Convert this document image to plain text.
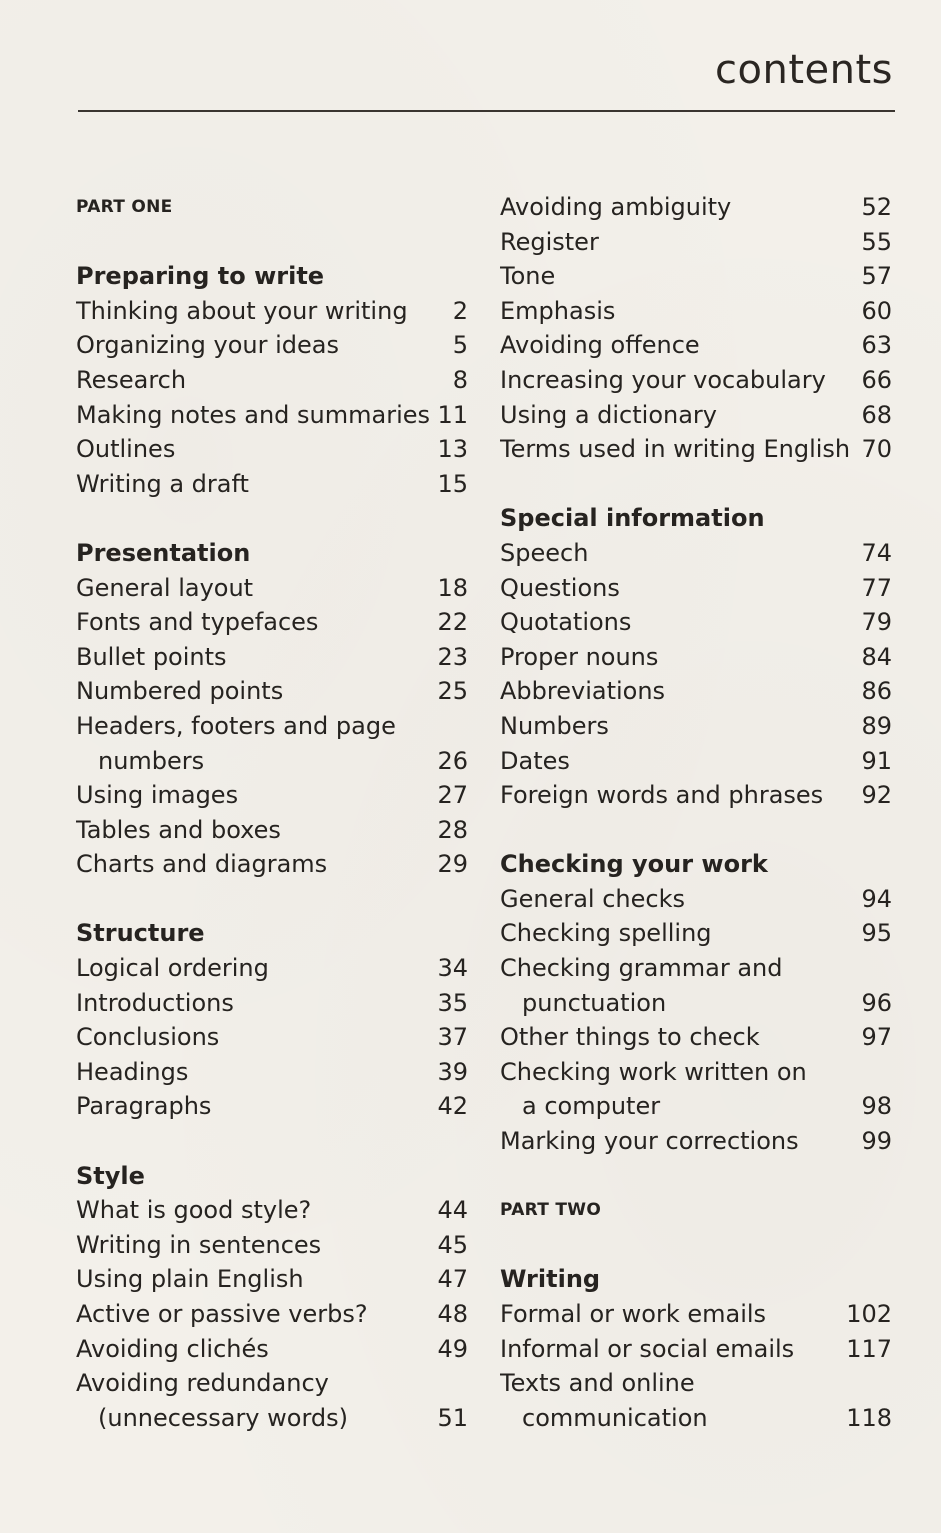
contents
PART ONE
Preparing to write
Thinking about your writing	2
Organizing your ideas	5
Research	8
Making notes and summaries 11
Outlines	13
Writing a draft	15
Presentation
General layout	18
Fonts and typefaces	22
Bullet points	23
Numbered points	25
Headers, footers and page
numbers	26
Using images	27
Tables and boxes	28
Charts and diagrams	29
Structure
Logical ordering	34
Introductions	35
Conclusions	37
Headings	39
Paragraphs	42
Style
What is good style?	44
Writing in sentences	45
Using plain English	47
Active or passive verbs?	48
Avoiding clichés	49
Avoiding redundancy
(unnecessary words)	51
Avoiding ambiguity	52
Register	55
Tone	57
Emphasis	60
Avoiding offence	63
Increasing your vocabulary	66
Using a dictionary	68
Terms used in writing English 70
Special information
Speech	74
Questions	77
Quotations	79
Proper nouns	84
Abbreviations	86
Numbers	89
Dates	91
Foreign words and phrases	92
Checking your work
General checks	94
Checking spelling	95
Checking grammar and
punctuation	96
Other things to check	97
Checking work written on
a computer	98
Marking your corrections	99
PART TWO
Writing
Formal or work emails	102
Informal or social emails	117
Texts and online
communication	118
